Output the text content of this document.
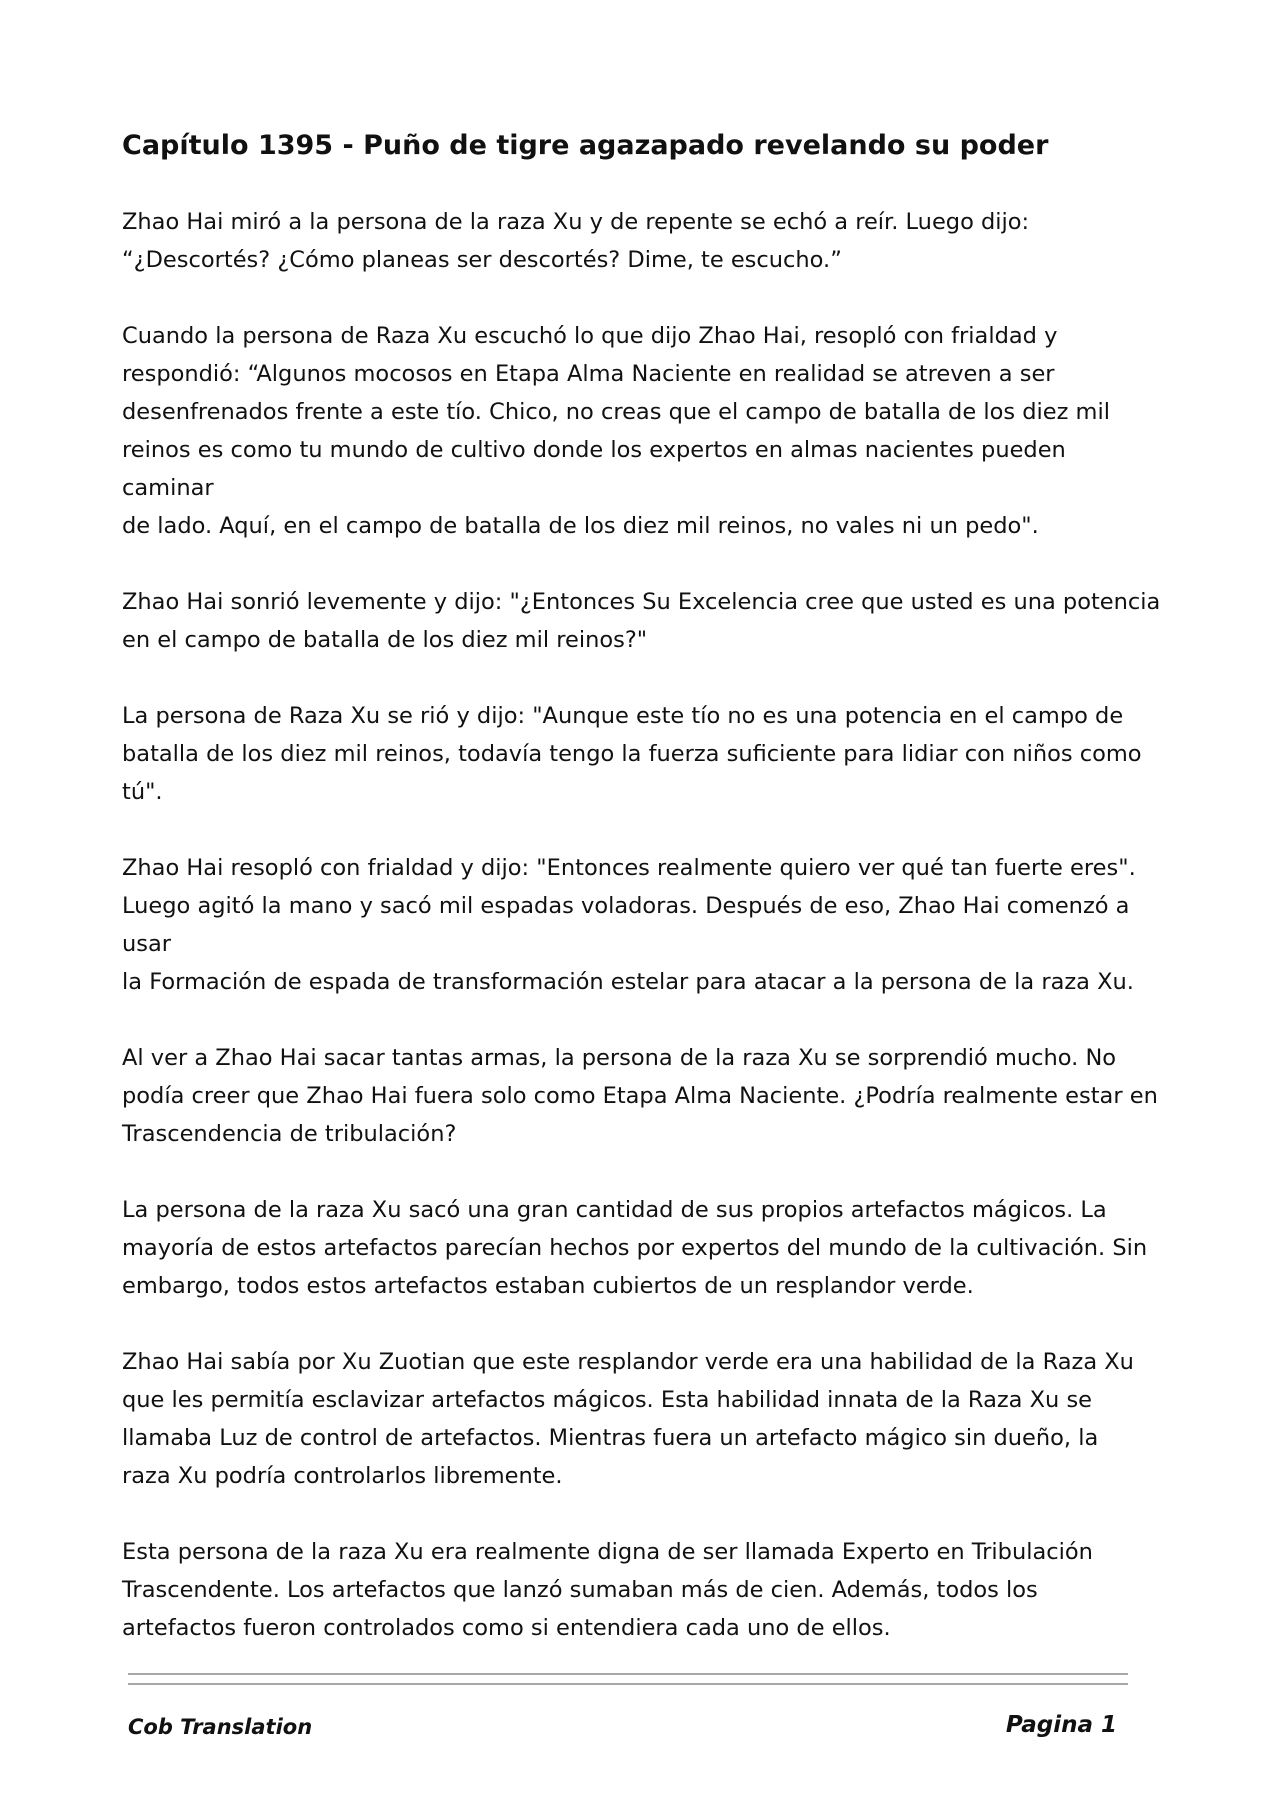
Capítulo 1395 - Puño de tigre agazapado revelando su poder

Zhao Hai miró a la persona de la raza Xu y de repente se echó a reír. Luego dijo:
“¿Descortés? ¿Cómo planeas ser descortés? Dime, te escucho.”

Cuando la persona de Raza Xu escuchó lo que dijo Zhao Hai, resopló con frialdad y
respondió: “Algunos mocosos en Etapa Alma Naciente en realidad se atreven a ser
desenfrenados frente a este tío. Chico, no creas que el campo de batalla de los diez mil
reinos es como tu mundo de cultivo donde los expertos en almas nacientes pueden caminar
de lado. Aquí, en el campo de batalla de los diez mil reinos, no vales ni un pedo".

Zhao Hai sonrió levemente y dijo: "¿Entonces Su Excelencia cree que usted es una potencia
en el campo de batalla de los diez mil reinos?"

La persona de Raza Xu se rió y dijo: "Aunque este tío no es una potencia en el campo de
batalla de los diez mil reinos, todavía tengo la fuerza suficiente para lidiar con niños como
tú".

Zhao Hai resopló con frialdad y dijo: "Entonces realmente quiero ver qué tan fuerte eres".
Luego agitó la mano y sacó mil espadas voladoras. Después de eso, Zhao Hai comenzó a usar
la Formación de espada de transformación estelar para atacar a la persona de la raza Xu.

Al ver a Zhao Hai sacar tantas armas, la persona de la raza Xu se sorprendió mucho. No
podía creer que Zhao Hai fuera solo como Etapa Alma Naciente. ¿Podría realmente estar en
Trascendencia de tribulación?

La persona de la raza Xu sacó una gran cantidad de sus propios artefactos mágicos. La
mayoría de estos artefactos parecían hechos por expertos del mundo de la cultivación. Sin
embargo, todos estos artefactos estaban cubiertos de un resplandor verde.

Zhao Hai sabía por Xu Zuotian que este resplandor verde era una habilidad de la Raza Xu
que les permitía esclavizar artefactos mágicos. Esta habilidad innata de la Raza Xu se
llamaba Luz de control de artefactos. Mientras fuera un artefacto mágico sin dueño, la
raza Xu podría controlarlos libremente.

Esta persona de la raza Xu era realmente digna de ser llamada Experto en Tribulación
Trascendente. Los artefactos que lanzó sumaban más de cien. Además, todos los
artefactos fueron controlados como si entendiera cada uno de ellos.

Cob Translation	Pagina 1
